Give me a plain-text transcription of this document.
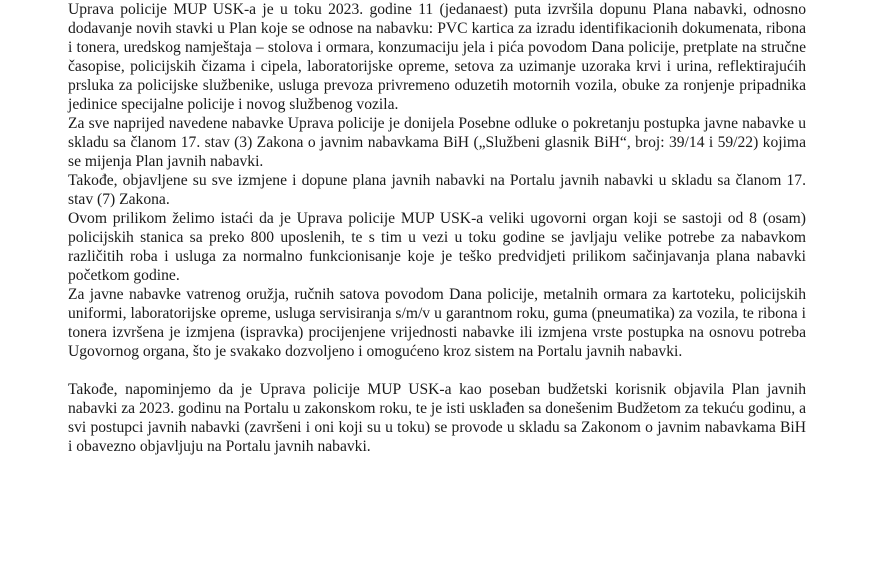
Uprava policije MUP USK-a je u toku 2023. godine 11 (jedanaest) puta izvršila dopunu Plana nabavki, odnosno dodavanje novih stavki u Plan koje se odnose na nabavku: PVC kartica za izradu identifikacionih dokumenata, ribona i tonera, uredskog namještaja – stolova i ormara, konzumaciju jela i pića povodom Dana policije, pretplate na stručne časopise, policijskih čizama i cipela, laboratorijske opreme, setova za uzimanje uzoraka krvi i urina, reflektirajućih prsluka za policijske službenike, usluga prevoza privremeno oduzetih motornih vozila, obuke za ronjenje pripadnika jedinice specijalne policije i novog službenog vozila.

Za sve naprijed navedene nabavke Uprava policije je donijela Posebne odluke o pokretanju postupka javne nabavke u skladu sa članom 17. stav (3) Zakona o javnim nabavkama BiH („Službeni glasnik BiH“, broj: 39/14 i 59/22) kojima se mijenja Plan javnih nabavki.

Takođe, objavljene su sve izmjene i dopune plana javnih nabavki na Portalu javnih nabavki u skladu sa članom 17. stav (7) Zakona.

Ovom prilikom želimo istaći da je Uprava policije MUP USK-a veliki ugovorni organ koji se sastoji od 8 (osam) policijskih stanica sa preko 800 uposlenih, te s tim u vezi u toku godine se javljaju velike potrebe za nabavkom različitih roba i usluga za normalno funkcionisanje koje je teško predvidjeti prilikom sačinjavanja plana nabavki početkom godine.

Za javne nabavke vatrenog oružja, ručnih satova povodom Dana policije, metalnih ormara za kartoteku, policijskih uniformi, laboratorijske opreme, usluga servisiranja s/m/v u garantnom roku, guma (pneumatika) za vozila, te ribona i tonera izvršena je izmjena (ispravka) procijenjene vrijednosti nabavke ili izmjena vrste postupka na osnovu potreba Ugovornog organa, što je svakako dozvoljeno i omogućeno kroz sistem na Portalu javnih nabavki.

Takođe, napominjemo da je Uprava policije MUP USK-a kao poseban budžetski korisnik objavila Plan javnih nabavki za 2023. godinu na Portalu u zakonskom roku, te je isti usklađen sa donešenim Budžetom za tekuću godinu, a svi postupci javnih nabavki (završeni i oni koji su u toku) se provode u skladu sa Zakonom o javnim nabavkama BiH i obavezno objavljuju na Portalu javnih nabavki.
